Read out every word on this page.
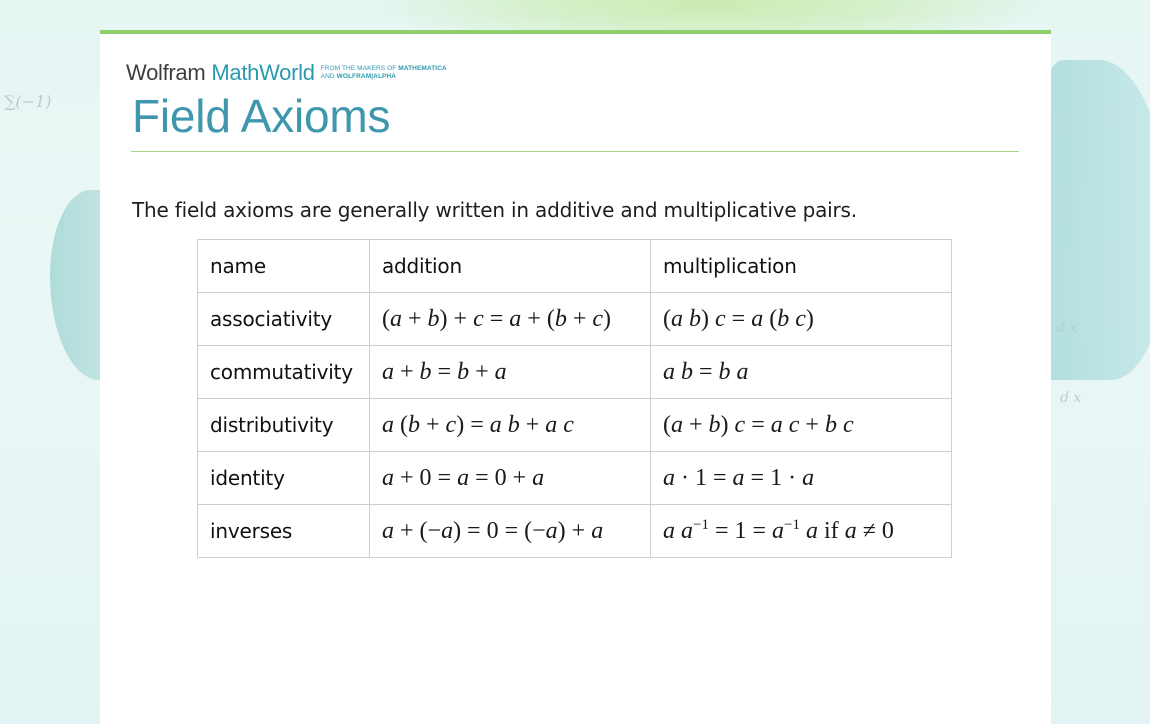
∑(−1)
d x
d x
Wolfram MathWorld FROM THE MAKERS OF MATHEMATICA
AND WOLFRAM|ALPHA
Field Axioms

The field axioms are generally written in additive and multiplicative pairs.

name	addition	multiplication
associativity	(a + b) + c = a + (b + c)	(a b) c = a (b c)
commutativity	a + b = b + a	a b = b a
distributivity	a (b + c) = a b + a c	(a + b) c = a c + b c
identity	a + 0 = a = 0 + a	a · 1 = a = 1 · a
inverses	a + (−a) = 0 = (−a) + a	a $a^{-1} = 1 = a^{-1}$ a if a ≠ 0
